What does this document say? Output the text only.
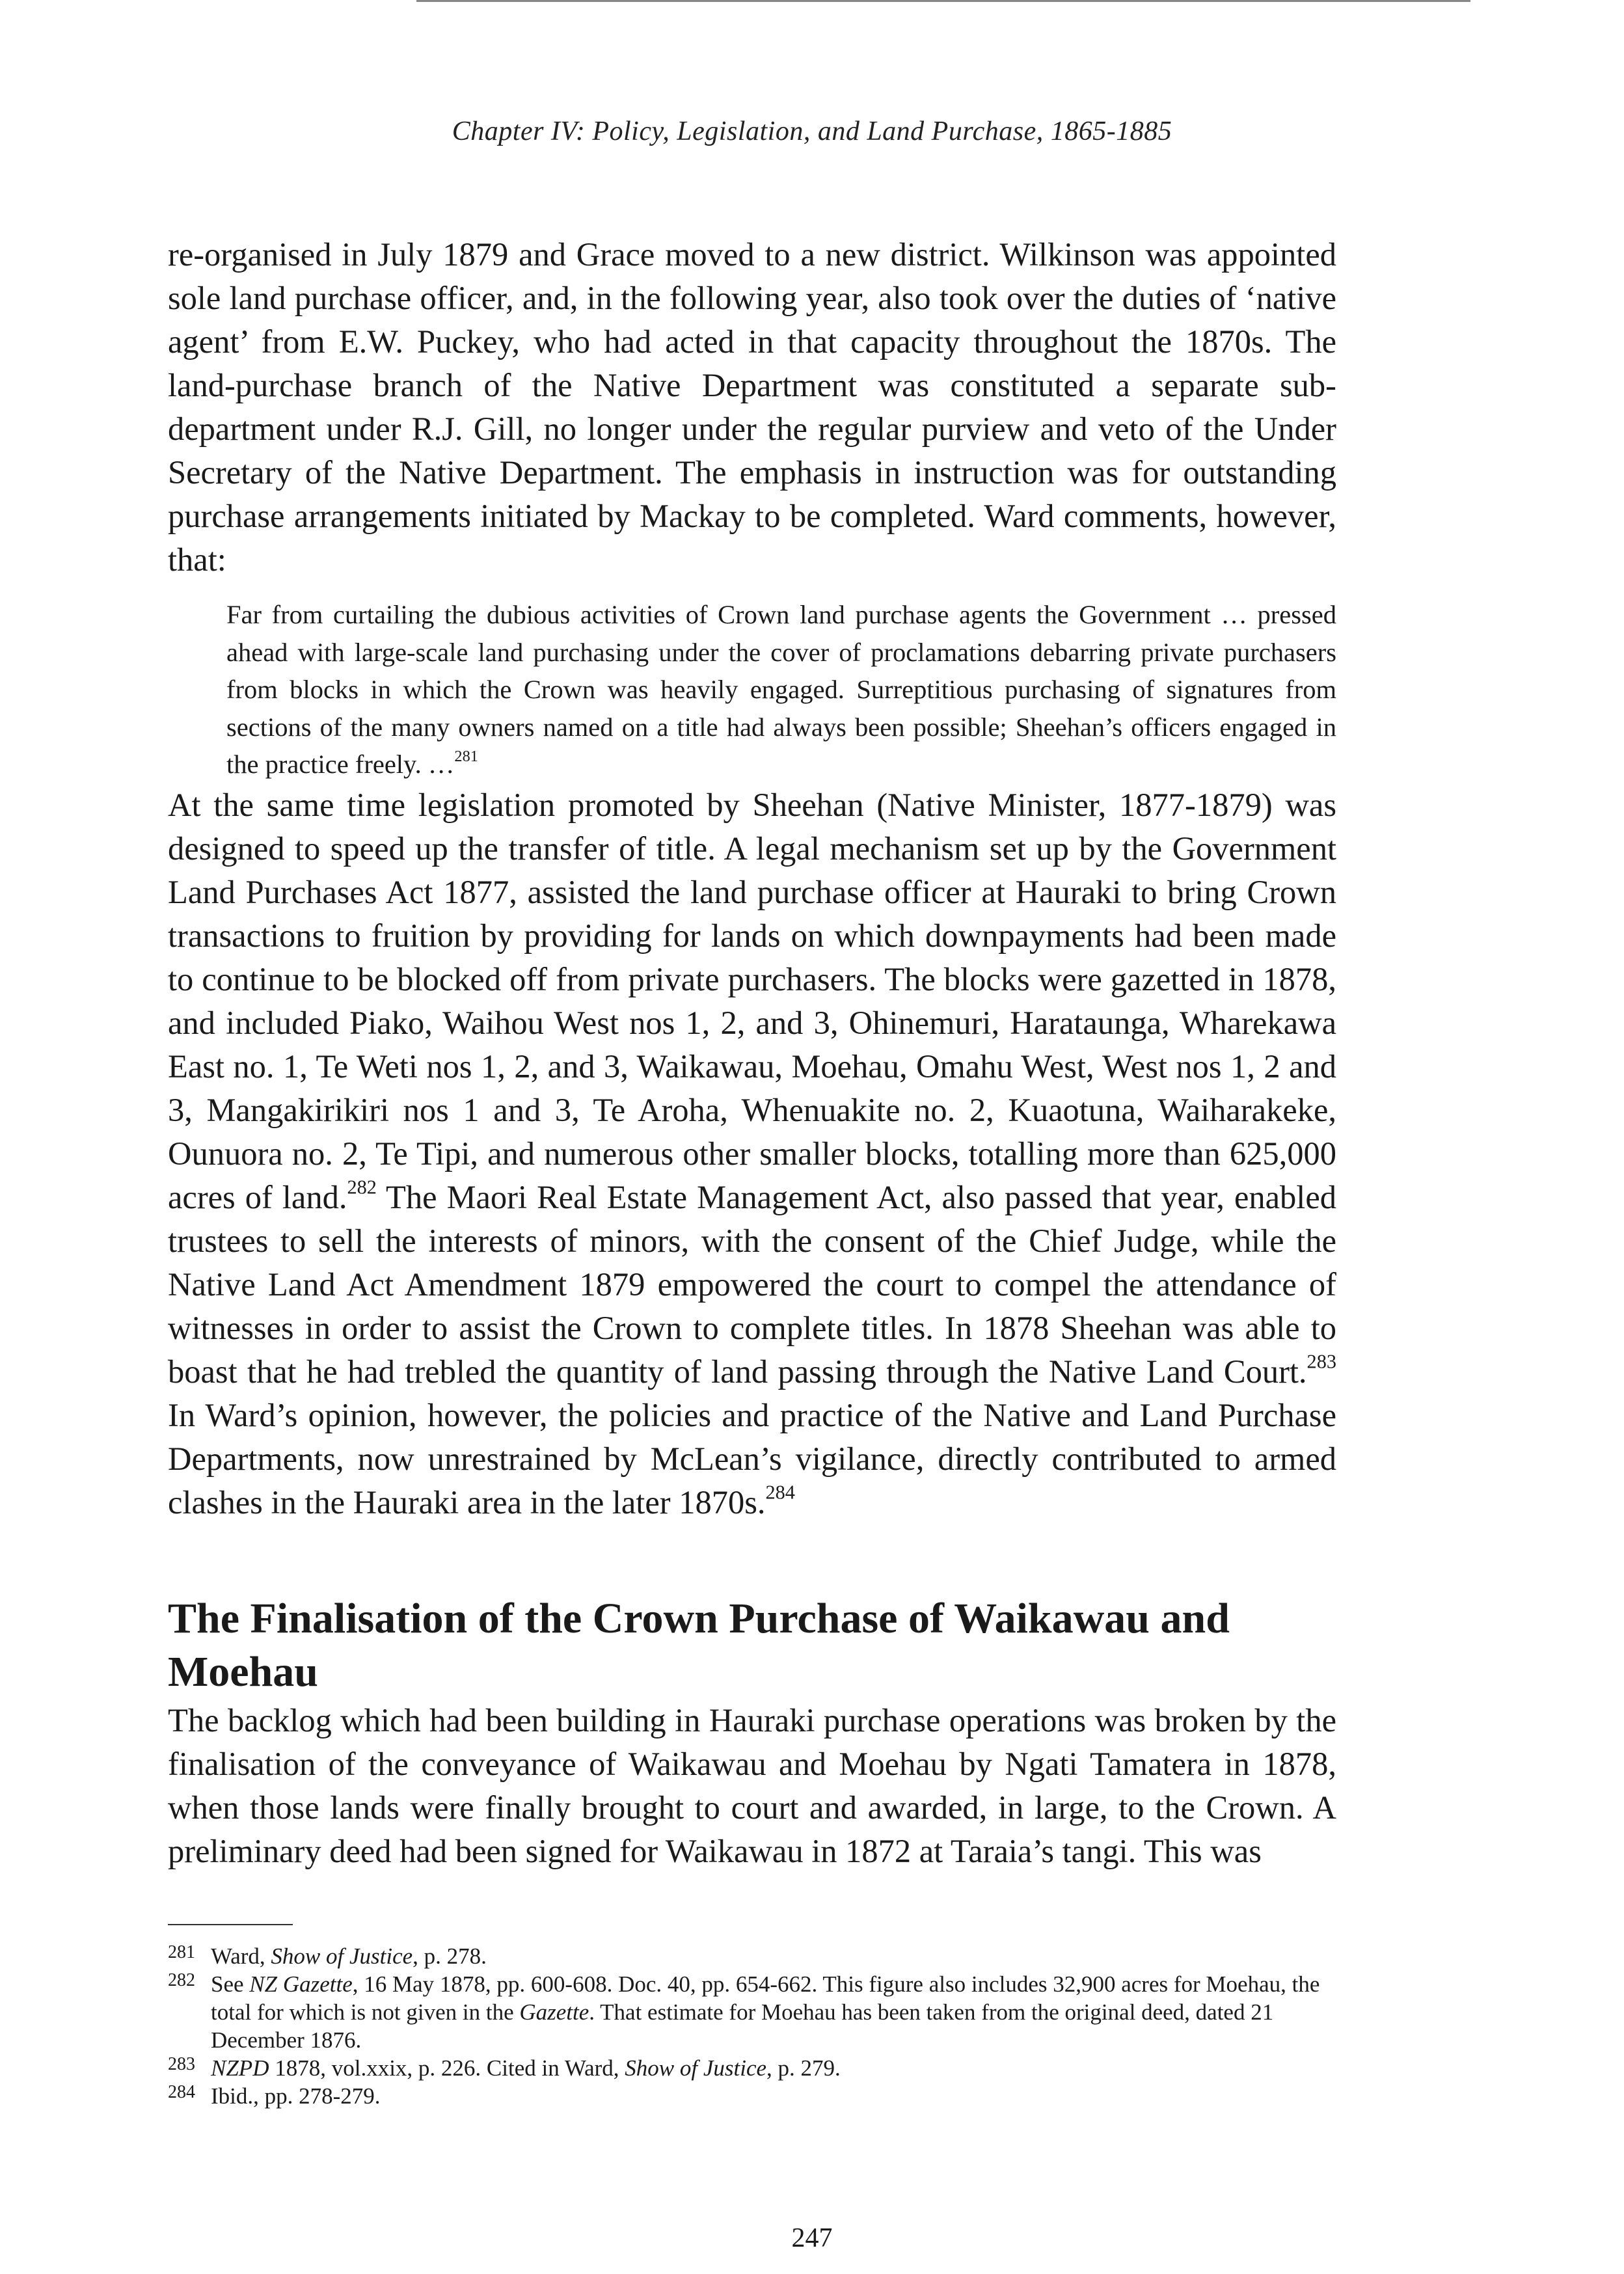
Chapter IV: Policy, Legislation, and Land Purchase, 1865-1885

re-organised in July 1879 and Grace moved to a new district. Wilkinson was appointed sole land purchase officer, and, in the following year, also took over the duties of ‘native agent’ from E.W. Puckey, who had acted in that capacity throughout the 1870s. The land-purchase branch of the Native Department was constituted a separate sub-department under R.J. Gill, no longer under the regular purview and veto of the Under Secretary of the Native Department. The emphasis in instruction was for outstanding purchase arrangements initiated by Mackay to be completed. Ward comments, however, that:

Far from curtailing the dubious activities of Crown land purchase agents the Government … pressed ahead with large-scale land purchasing under the cover of proclamations debarring private purchasers from blocks in which the Crown was heavily engaged. Surreptitious purchasing of signatures from sections of the many owners named on a title had always been possible; Sheehan’s officers engaged in the practice freely. …$^{281}$

At the same time legislation promoted by Sheehan (Native Minister, 1877-1879) was designed to speed up the transfer of title. A legal mechanism set up by the Government Land Purchases Act 1877, assisted the land purchase officer at Hauraki to bring Crown transactions to fruition by providing for lands on which downpayments had been made to continue to be blocked off from private purchasers. The blocks were gazetted in 1878, and included Piako, Waihou West nos 1, 2, and 3, Ohinemuri, Harataunga, Wharekawa East no. 1, Te Weti nos 1, 2, and 3, Waikawau, Moehau, Omahu West, West nos 1, 2 and 3, Mangakirikiri nos 1 and 3, Te Aroha, Whenuakite no. 2, Kuaotuna, Waiharakeke, Ounuora no. 2, Te Tipi, and numerous other smaller blocks, totalling more than 625,000 acres of land.$^{282}$ The Maori Real Estate Management Act, also passed that year, enabled trustees to sell the interests of minors, with the consent of the Chief Judge, while the Native Land Act Amendment 1879 empowered the court to compel the attendance of witnesses in order to assist the Crown to complete titles. In 1878 Sheehan was able to boast that he had trebled the quantity of land passing through the Native Land Court.$^{283}$ In Ward’s opinion, however, the policies and practice of the Native and Land Purchase Departments, now unrestrained by McLean’s vigilance, directly contributed to armed clashes in the Hauraki area in the later 1870s.$^{284}$

The Finalisation of the Crown Purchase of Waikawau and Moehau

The backlog which had been building in Hauraki purchase operations was broken by the finalisation of the conveyance of Waikawau and Moehau by Ngati Tamatera in 1878, when those lands were finally brought to court and awarded, in large, to the Crown. A preliminary deed had been signed for Waikawau in 1872 at Taraia’s tangi. This was

281 Ward, Show of Justice, p. 278.
282 See NZ Gazette, 16 May 1878, pp. 600-608. Doc. 40, pp. 654-662. This figure also includes 32,900 acres for Moehau, the total for which is not given in the Gazette. That estimate for Moehau has been taken from the original deed, dated 21 December 1876.
283 NZPD 1878, vol.xxix, p. 226. Cited in Ward, Show of Justice, p. 279.
284 Ibid., pp. 278-279.
247
